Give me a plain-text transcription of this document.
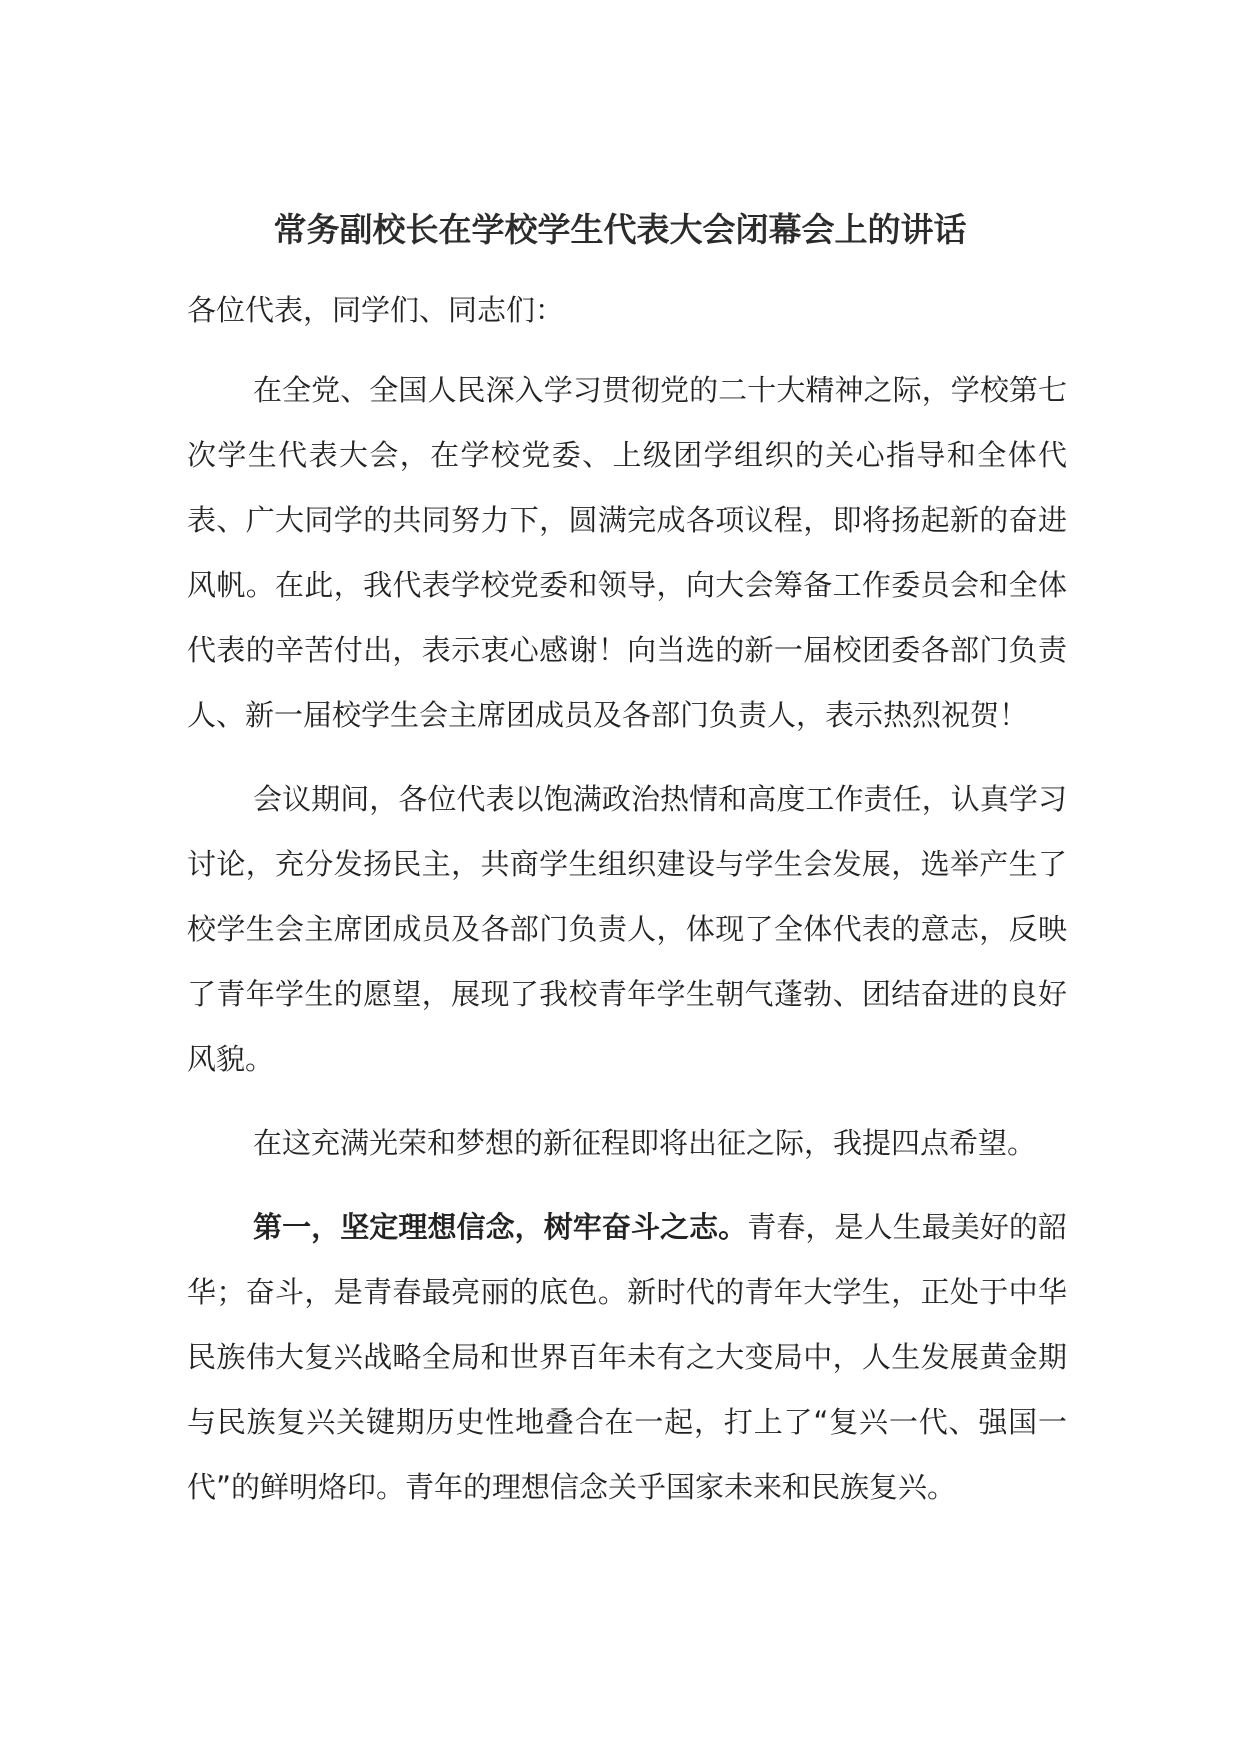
常务副校长在学校学生代表大会闭幕会上的讲话

各位代表，同学们、同志们：

在全党、全国人民深入学习贯彻党的二十大精神之际，学校第七次学生代表大会，在学校党委、上级团学组织的关心指导和全体代表、广大同学的共同努力下，圆满完成各项议程，即将扬起新的奋进风帆。在此，我代表学校党委和领导，向大会筹备工作委员会和全体代表的辛苦付出，表示衷心感谢！向当选的新一届校团委各部门负责人、新一届校学生会主席团成员及各部门负责人，表示热烈祝贺！

会议期间，各位代表以饱满政治热情和高度工作责任，认真学习讨论，充分发扬民主，共商学生组织建设与学生会发展，选举产生了校学生会主席团成员及各部门负责人，体现了全体代表的意志，反映了青年学生的愿望，展现了我校青年学生朝气蓬勃、团结奋进的良好风貌。

在这充满光荣和梦想的新征程即将出征之际，我提四点希望。

第一，坚定理想信念，树牢奋斗之志。青春，是人生最美好的韶华；奋斗，是青春最亮丽的底色。新时代的青年大学生，正处于中华民族伟大复兴战略全局和世界百年未有之大变局中，人生发展黄金期与民族复兴关键期历史性地叠合在一起，打上了“复兴一代、强国一代”的鲜明烙印。青年的理想信念关乎国家未来和民族复兴。
